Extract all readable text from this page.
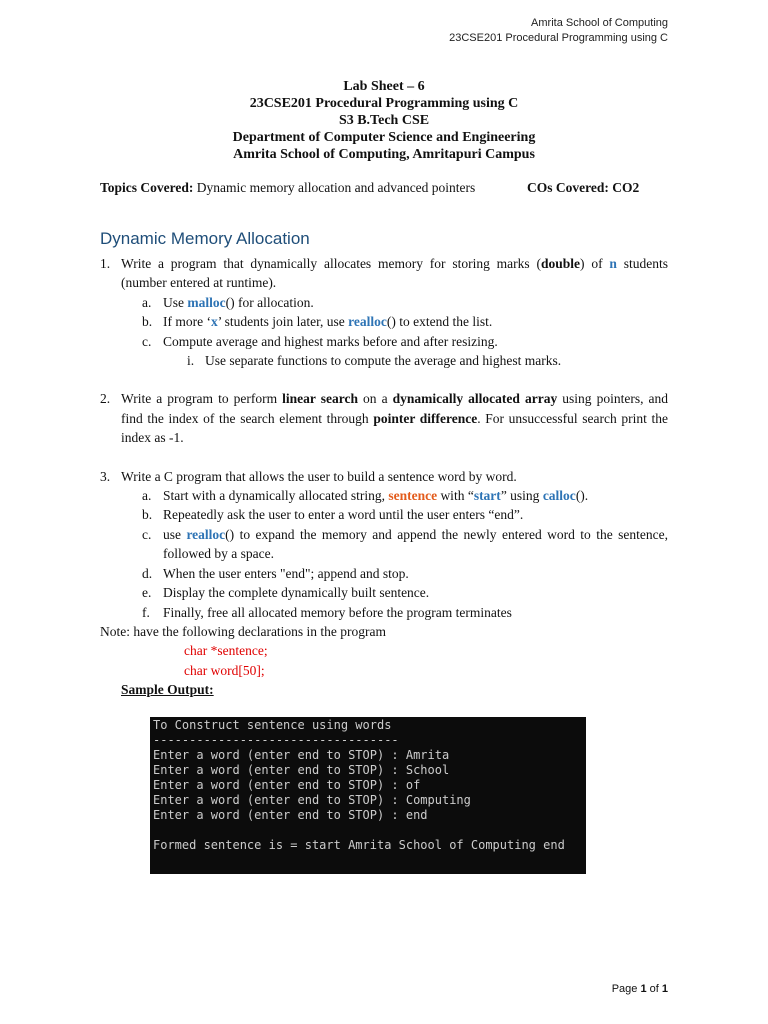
Amrita School of Computing
23CSE201 Procedural Programming using C
Lab Sheet – 6
23CSE201 Procedural Programming using C
S3 B.Tech CSE
Department of Computer Science and Engineering
Amrita School of Computing, Amritapuri Campus
Topics Covered: Dynamic memory allocation and advanced pointers	COs Covered: CO2
Dynamic Memory Allocation
1. Write a program that dynamically allocates memory for storing marks (double) of n students (number entered at runtime).
a. Use malloc() for allocation.
b. If more ‘x’ students join later, use realloc() to extend the list.
c. Compute average and highest marks before and after resizing.
i. Use separate functions to compute the average and highest marks.
2. Write a program to perform linear search on a dynamically allocated array using pointers, and find the index of the search element through pointer difference. For unsuccessful search print the index as -1.
3. Write a C program that allows the user to build a sentence word by word.
a. Start with a dynamically allocated string, sentence with “start” using calloc().
b. Repeatedly ask the user to enter a word until the user enters “end”.
c. use realloc() to expand the memory and append the newly entered word to the sentence, followed by a space.
d. When the user enters "end"; append and stop.
e. Display the complete dynamically built sentence.
f. Finally, free all allocated memory before the program terminates
Note: have the following declarations in the program
char *sentence;
char word[50];
Sample Output:
To Construct sentence using words
----------------------------------
Enter a word (enter end to STOP) : Amrita
Enter a word (enter end to STOP) : School
Enter a word (enter end to STOP) : of
Enter a word (enter end to STOP) : Computing
Enter a word (enter end to STOP) : end
Formed sentence is = start Amrita School of Computing end
Page 1 of 1
